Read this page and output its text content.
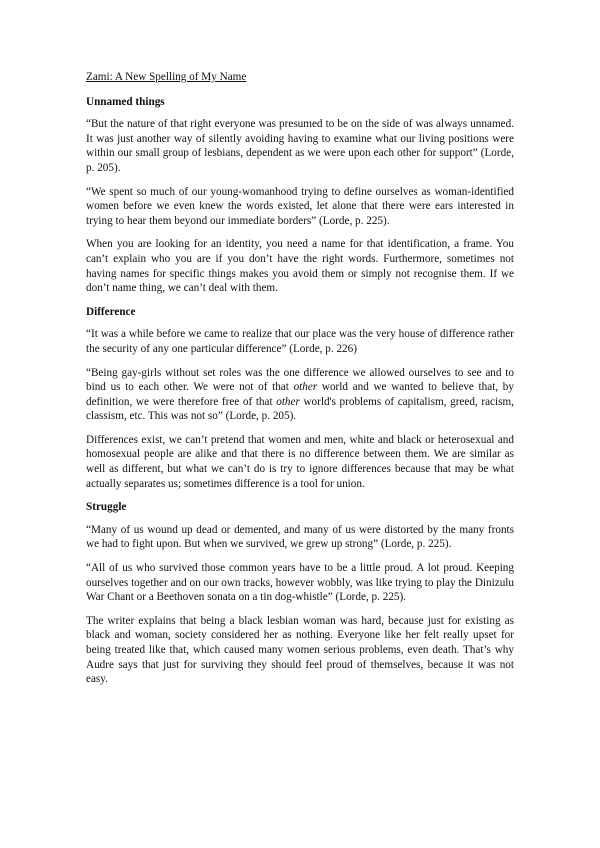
Zami: A New Spelling of My Name
Unnamed things

“But the nature of that right everyone was presumed to be on the side of was always unnamed. It was just another way of silently avoiding having to examine what our living positions were within our small group of lesbians, dependent as we were upon each other for support” (Lorde, p. 205).

“We spent so much of our young-womanhood trying to define ourselves as woman-identified women before we even knew the words existed, let alone that there were ears interested in trying to hear them beyond our immediate borders” (Lorde, p. 225).

When you are looking for an identity, you need a name for that identification, a frame. You can’t explain who you are if you don’t have the right words. Furthermore, sometimes not having names for specific things makes you avoid them or simply not recognise them. If we don’t name thing, we can’t deal with them.

Difference

“It was a while before we came to realize that our place was the very house of difference rather the security of any one particular difference” (Lorde, p. 226)

“Being gay-girls without set roles was the one difference we allowed ourselves to see and to bind us to each other. We were not of that other world and we wanted to believe that, by definition, we were therefore free of that other world's problems of capitalism, greed, racism, classism, etc. This was not so” (Lorde, p. 205).

Differences exist, we can’t pretend that women and men, white and black or heterosexual and homosexual people are alike and that there is no difference between them. We are similar as well as different, but what we can’t do is try to ignore differences because that may be what actually separates us; sometimes difference is a tool for union.

Struggle

“Many of us wound up dead or demented, and many of us were distorted by the many fronts we had to fight upon. But when we survived, we grew up strong” (Lorde, p. 225).

“All of us who survived those common years have to be a little proud. A lot proud. Keeping ourselves together and on our own tracks, however wobbly, was like trying to play the Dinizulu War Chant or a Beethoven sonata on a tin dog-whistle” (Lorde, p. 225).

The writer explains that being a black lesbian woman was hard, because just for existing as black and woman, society considered her as nothing. Everyone like her felt really upset for being treated like that, which caused many women serious problems, even death. That’s why Audre says that just for surviving they should feel proud of themselves, because it was not easy.
